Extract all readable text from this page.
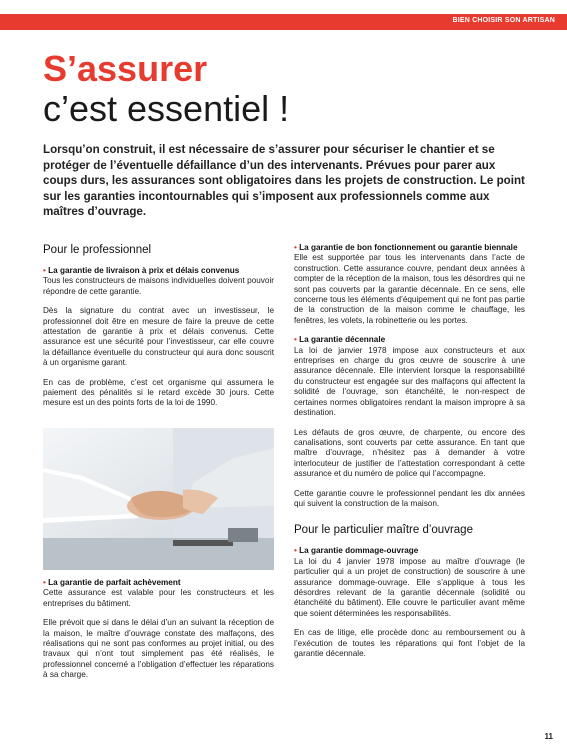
BIEN CHOISIR SON ARTISAN
S’assurer
c’est essentiel !
Lorsqu’on construit, il est nécessaire de s’assurer pour sécuriser le chantier et se protéger de l’éventuelle défaillance d’un des intervenants. Prévues pour parer aux coups durs, les assurances sont obligatoires dans les projets de construction. Le point sur les garanties incontournables qui s’imposent aux professionnels comme aux maîtres d’ouvrage.
Pour le professionnel
• La garantie de livraison à prix et délais convenus

Tous les constructeurs de maisons individuelles doivent pouvoir répondre de cette garantie.

Dès la signature du contrat avec un investisseur, le professionnel doit être en mesure de faire la preuve de cette attestation de garantie à prix et délais convenus. Cette assurance est une sécurité pour l’investisseur, car elle couvre la défaillance éventuelle du constructeur qui aura donc souscrit à un organisme garant.

En cas de problème, c’est cet organisme qui assumera le paiement des pénalités si le retard excède 30 jours. Cette mesure est un des points forts de la loi de 1990.

• La garantie de parfait achèvement

Cette assurance est valable pour les constructeurs et les entreprises du bâtiment.

Elle prévoit que si dans le délai d’un an suivant la réception de la maison, le maître d’ouvrage constate des malfaçons, des réalisations qui ne sont pas conformes au projet initial, ou des travaux qui n’ont tout simplement pas été réalisés, le professionnel concerné a l’obligation d’effectuer les réparations à sa charge.

• La garantie de bon fonctionnement ou garantie biennale

Elle est supportée par tous les intervenants dans l’acte de construction. Cette assurance couvre, pendant deux années à compter de la réception de la maison, tous les désordres qui ne sont pas couverts par la garantie décennale. En ce sens, elle concerne tous les éléments d’équipement qui ne font pas partie de la construction de la maison comme le chauffage, les fenêtres, les volets, la robinetterie ou les portes.

• La garantie décennale

La loi de janvier 1978 impose aux constructeurs et aux entreprises en charge du gros œuvre de souscrire à une assurance décennale. Elle intervient lorsque la responsabilité du constructeur est engagée sur des malfaçons qui affectent la solidité de l’ouvrage, son étanchéité, le non-respect de certaines normes obligatoires rendant la maison impropre à sa destination.

Les défauts de gros œuvre, de charpente, ou encore des canalisations, sont couverts par cette assurance. En tant que maître d’ouvrage, n’hésitez pas à demander à votre interlocuteur de justifier de l’attestation correspondant à cette assurance et du numéro de police qui l’accompagne.

Cette garantie couvre le professionnel pendant les dix années qui suivent la construction de la maison.

Pour le particulier maître d’ouvrage
• La garantie dommage-ouvrage

La loi du 4 janvier 1978 impose au maître d’ouvrage (le particulier qui a un projet de construction) de souscrire à une assurance dommage-ouvrage. Elle s’applique à tous les désordres relevant de la garantie décennale (solidité ou étanchéité du bâtiment). Elle couvre le particulier avant même que soient déterminées les responsabilités.

En cas de litige, elle procède donc au remboursement ou à l’exécution de toutes les réparations qui font l’objet de la garantie décennale.

11
